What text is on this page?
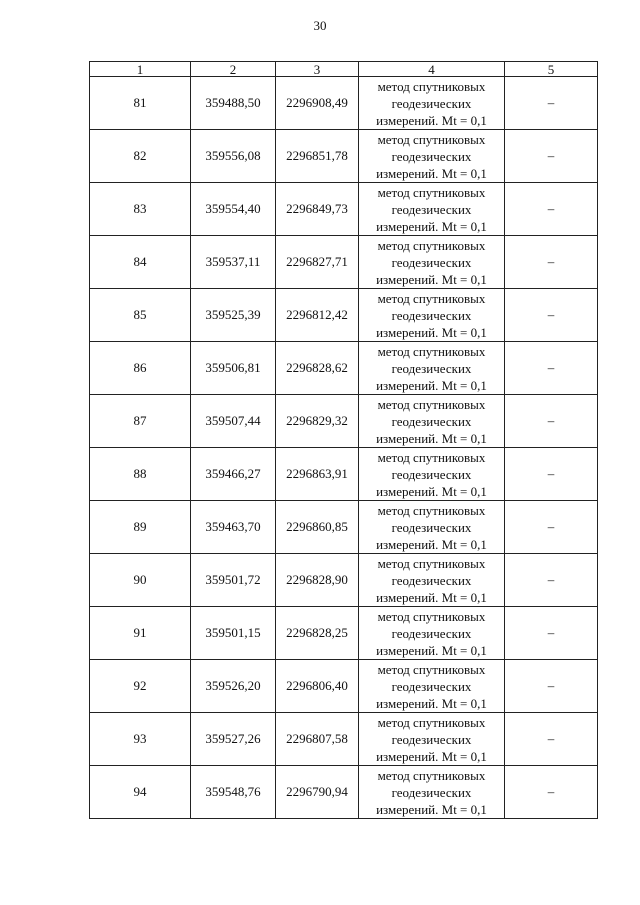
30
1	2	3	4	5
81	359488,50	2296908,49	метод спутниковых
геодезических
измерений. Mt = 0,1	–
82	359556,08	2296851,78	метод спутниковых
геодезических
измерений. Mt = 0,1	–
83	359554,40	2296849,73	метод спутниковых
геодезических
измерений. Mt = 0,1	–
84	359537,11	2296827,71	метод спутниковых
геодезических
измерений. Mt = 0,1	–
85	359525,39	2296812,42	метод спутниковых
геодезических
измерений. Mt = 0,1	–
86	359506,81	2296828,62	метод спутниковых
геодезических
измерений. Mt = 0,1	–
87	359507,44	2296829,32	метод спутниковых
геодезических
измерений. Mt = 0,1	–
88	359466,27	2296863,91	метод спутниковых
геодезических
измерений. Mt = 0,1	–
89	359463,70	2296860,85	метод спутниковых
геодезических
измерений. Mt = 0,1	–
90	359501,72	2296828,90	метод спутниковых
геодезических
измерений. Mt = 0,1	–
91	359501,15	2296828,25	метод спутниковых
геодезических
измерений. Mt = 0,1	–
92	359526,20	2296806,40	метод спутниковых
геодезических
измерений. Mt = 0,1	–
93	359527,26	2296807,58	метод спутниковых
геодезических
измерений. Mt = 0,1	–
94	359548,76	2296790,94	метод спутниковых
геодезических
измерений. Mt = 0,1	–
